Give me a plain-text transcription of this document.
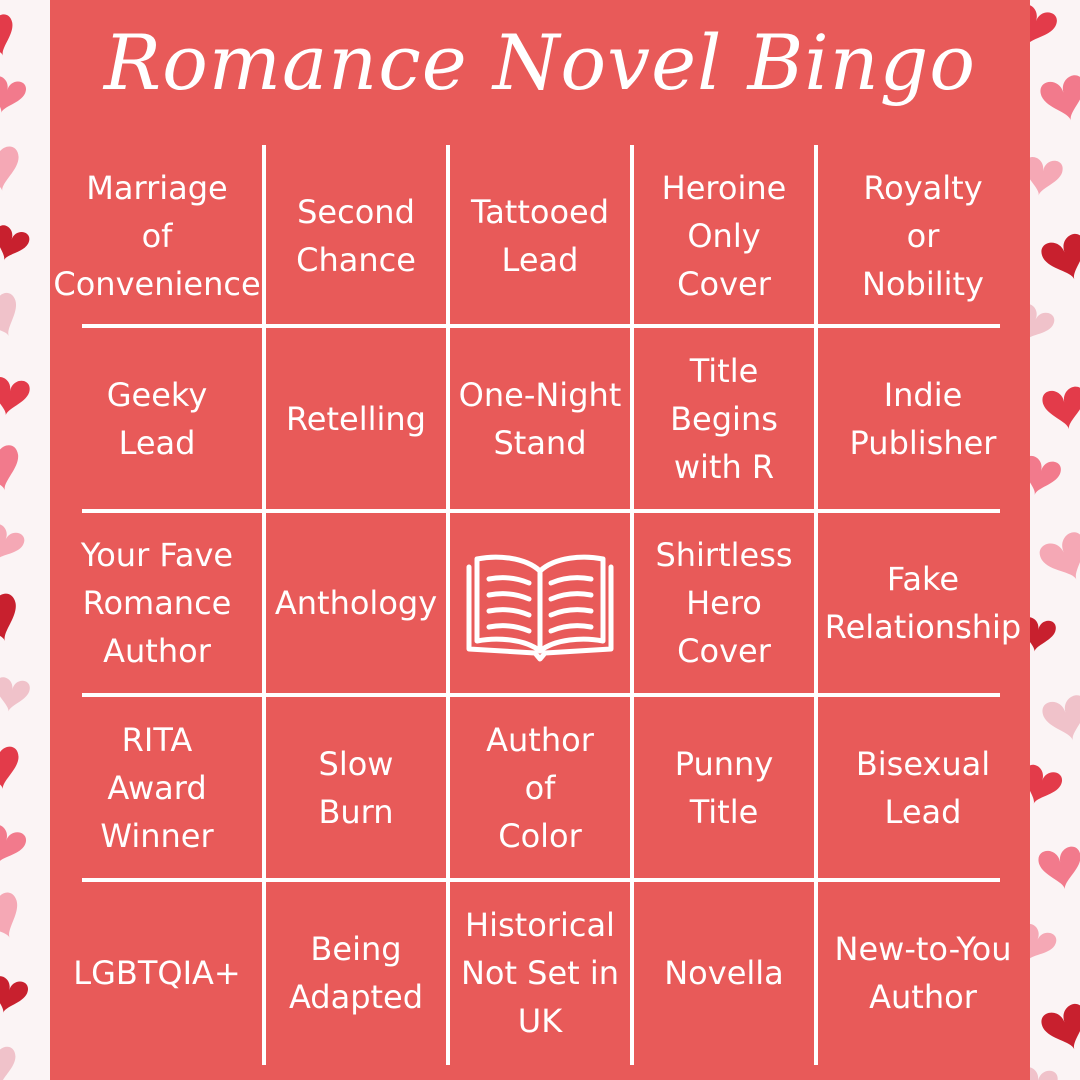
Romance Novel Bingo
Marriage
of
Convenience
Second
Chance
Tattooed
Lead
Heroine
Only
Cover
Royalty
or
Nobility
Geeky
Lead
Retelling
One-Night
Stand
Title
Begins
with R
Indie
Publisher
Your Fave
Romance
Author
Anthology
Shirtless
Hero
Cover
Fake
Relationship
RITA
Award
Winner
Slow
Burn
Author
of
Color
Punny
Title
Bisexual
Lead
LGBTQIA+
Being
Adapted
Historical
Not Set in
UK
Novella
New-to-You
Author
